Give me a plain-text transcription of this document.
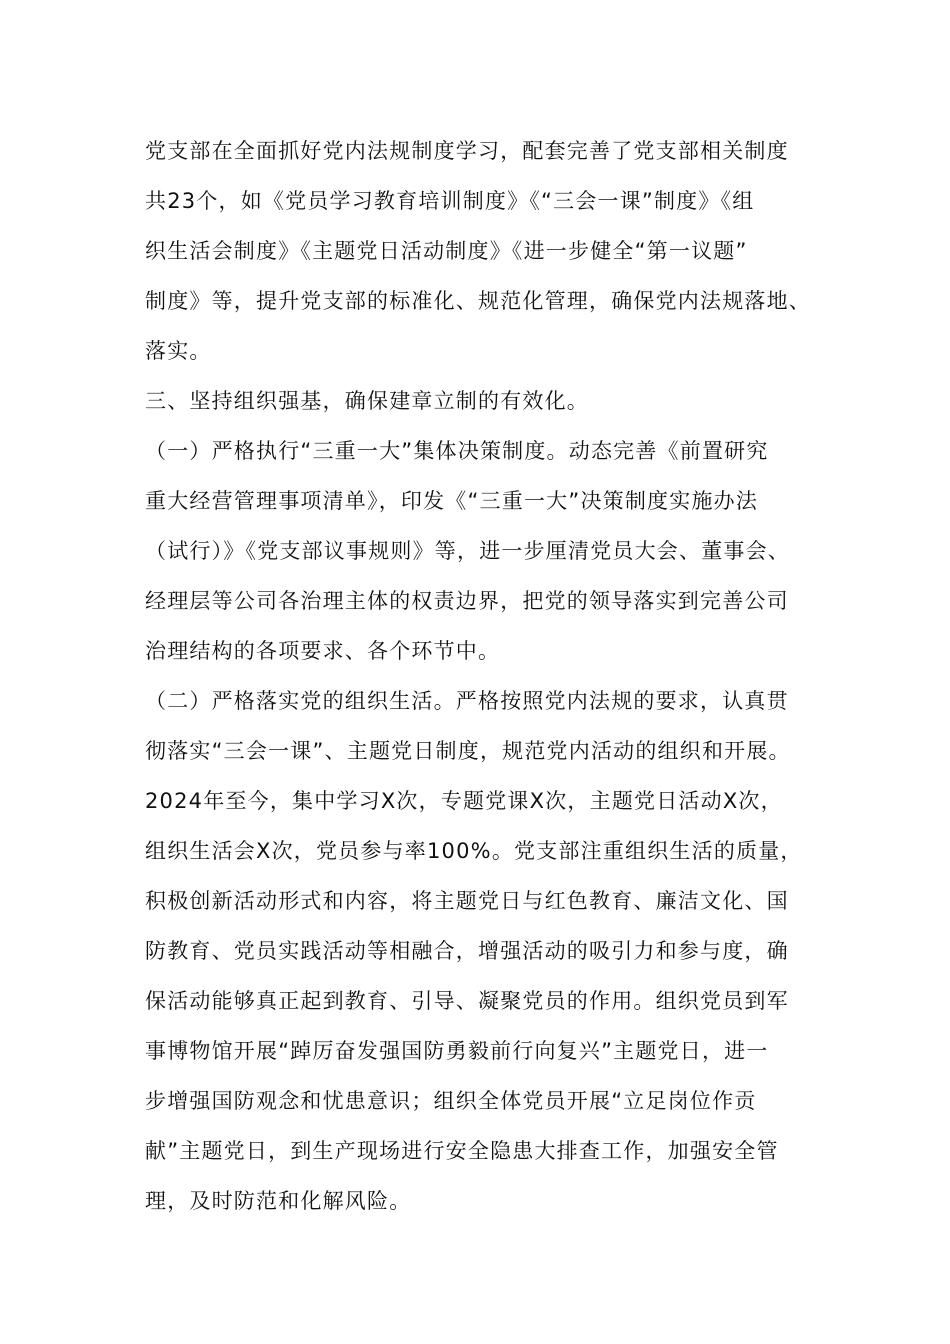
党支部在全面抓好党内法规制度学习，配套完善了党支部相关制度
共23个，如《党员学习教育培训制度》《“三会一课”制度》《组
织生活会制度》《主题党日活动制度》《进一步健全“第一议题”
制度》等，提升党支部的标准化、规范化管理，确保党内法规落地、
落实。
三、坚持组织强基，确保建章立制的有效化。
（一）严格执行“三重一大”集体决策制度。动态完善《前置研究
重大经营管理事项清单》，印发《“三重一大”决策制度实施办法
（试行）》《党支部议事规则》等，进一步厘清党员大会、董事会、
经理层等公司各治理主体的权责边界，把党的领导落实到完善公司
治理结构的各项要求、各个环节中。
（二）严格落实党的组织生活。严格按照党内法规的要求，认真贯
彻落实“三会一课”、主题党日制度，规范党内活动的组织和开展。
2024年至今，集中学习X次，专题党课X次，主题党日活动X次，
组织生活会X次，党员参与率100%。党支部注重组织生活的质量，
积极创新活动形式和内容，将主题党日与红色教育、廉洁文化、国
防教育、党员实践活动等相融合，增强活动的吸引力和参与度，确
保活动能够真正起到教育、引导、凝聚党员的作用。组织党员到军
事博物馆开展“踔厉奋发强国防勇毅前行向复兴”主题党日，进一
步增强国防观念和忧患意识；组织全体党员开展“立足岗位作贡
献”主题党日，到生产现场进行安全隐患大排查工作，加强安全管
理，及时防范和化解风险。
